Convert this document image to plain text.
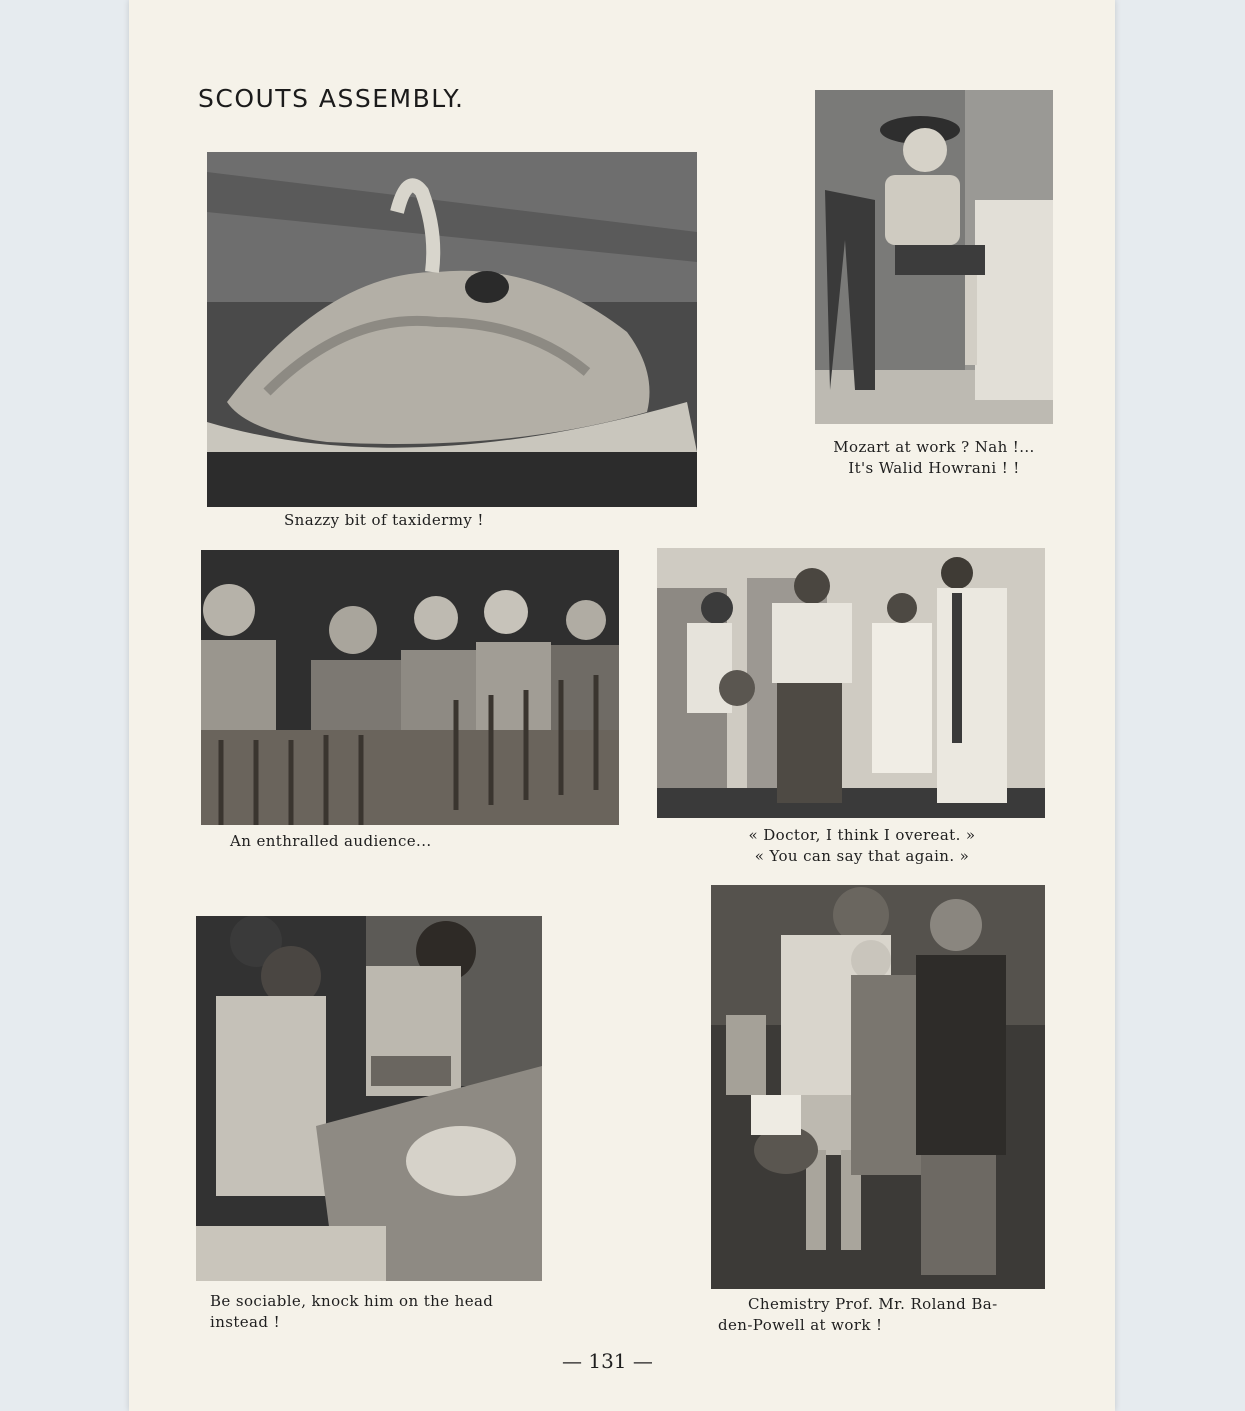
SCOUTS ASSEMBLY.
Snazzy bit of taxidermy !
Mozart at work ? Nah !...
It's Walid Howrani ! !
An enthralled audience...	« Doctor, I think I overeat. »
« You can say that again. »
Be sociable, knock him on the head
instead !
Chemistry Prof. Mr. Roland Ba-
den-Powell at work !
— 131 —
